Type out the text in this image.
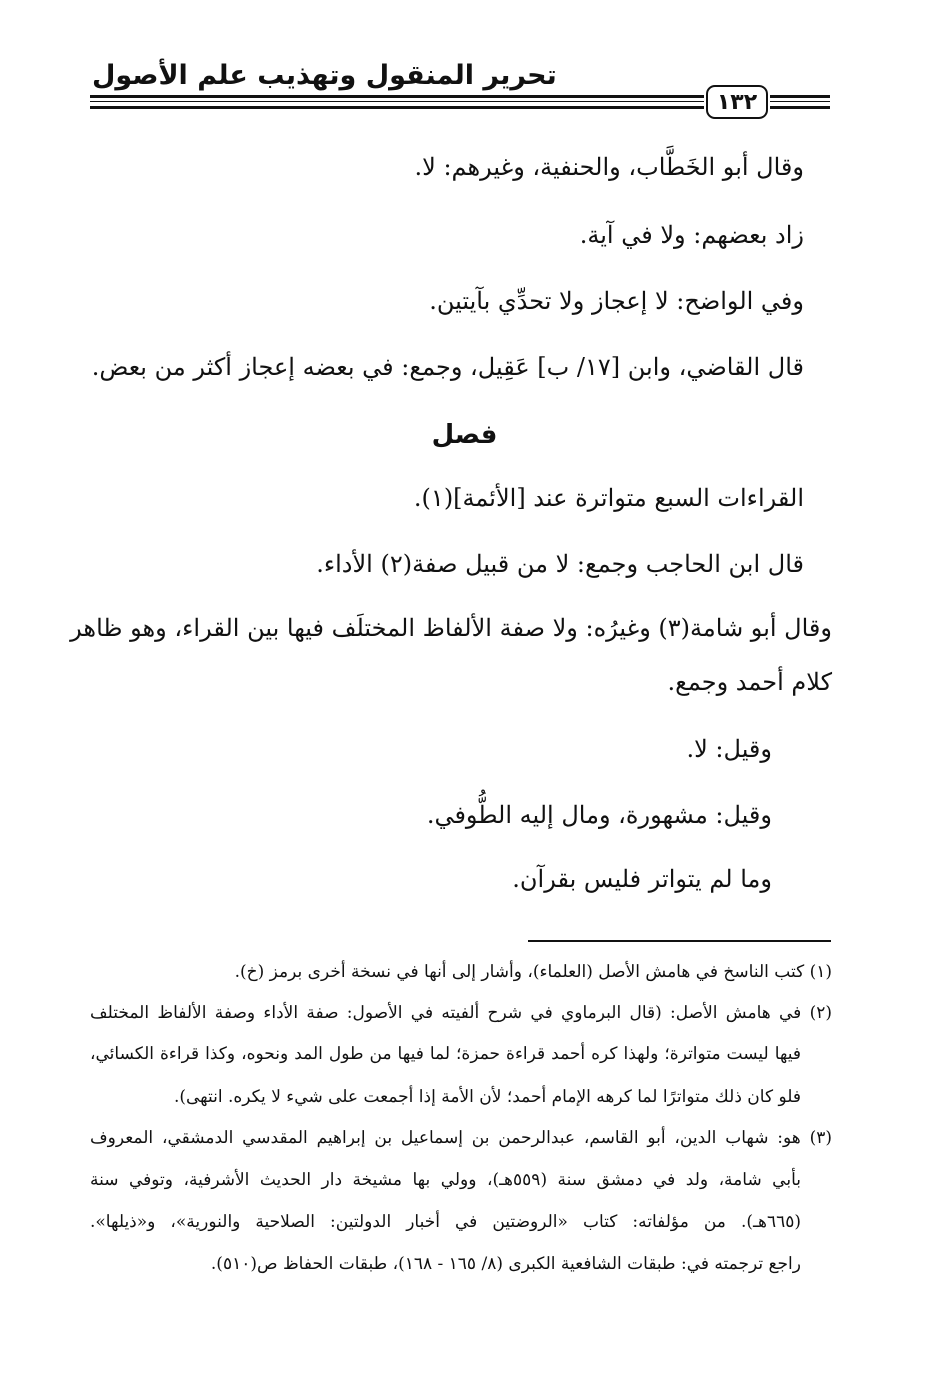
تحرير المنقول وتهذيب علم الأصول
١٣٢
وقال أبو الخَطَّاب، والحنفية، وغيرهم: لا.
زاد بعضهم: ولا في آية.
وفي الواضح: لا إعجاز ولا تحدِّي بآيتين.
قال القاضي، وابن [١٧/ ب] عَقِيل، وجمع: في بعضه إعجاز أكثر من بعض.
فصل
القراءات السبع متواترة عند [الأئمة](١).
قال ابن الحاجب وجمع: لا من قبيل صفة(٢) الأداء.
وقال أبو شامة(٣) وغيرُه: ولا صفة الألفاظ المختلَف فيها بين القراء، وهو ظاهر
كلام أحمد وجمع.
وقيل: لا.
وقيل: مشهورة، ومال إليه الطُّوفي.
وما لم يتواتر فليس بقرآن.
(١) كتب الناسخ في هامش الأصل (العلماء)، وأشار إلى أنها في نسخة أخرى برمز (خ).
(٢) في هامش الأصل: (قال البرماوي في شرح ألفيته في الأصول: صفة الأداء وصفة الألفاظ المختلف
فيها ليست متواترة؛ ولهذا كره أحمد قراءة حمزة؛ لما فيها من طول المد ونحوه، وكذا قراءة الكسائي،
فلو كان ذلك متواترًا لما كرهه الإمام أحمد؛ لأن الأمة إذا أجمعت على شيء لا يكره. انتهى).
(٣) هو: شهاب الدين، أبو القاسم، عبدالرحمن بن إسماعيل بن إبراهيم المقدسي الدمشقي، المعروف
بأبي شامة، ولد في دمشق سنة (٥٥٩هـ)، وولي بها مشيخة دار الحديث الأشرفية، وتوفي سنة
(٦٦٥هـ). من مؤلفاته: كتاب «الروضتين في أخبار الدولتين: الصلاحية والنورية»، و«ذيلها».
راجع ترجمته في: طبقات الشافعية الكبرى (٨/ ١٦٥ - ١٦٨)، طبقات الحفاظ ص(٥١٠).
